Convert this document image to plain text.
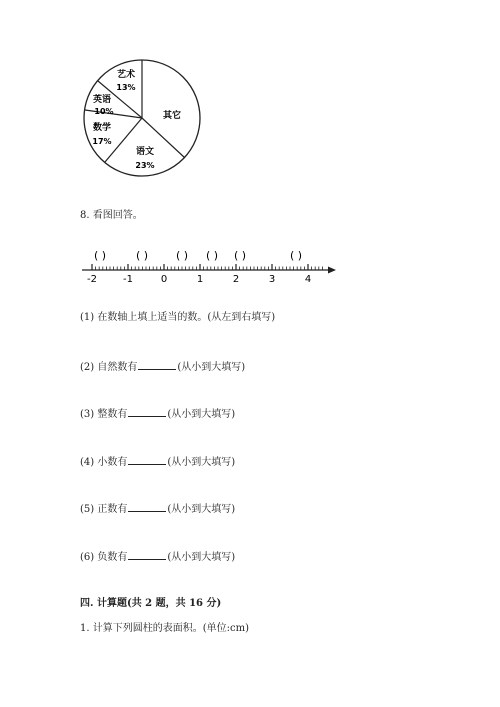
艺术
13%
英语
10%
数学
17%
语文
23%
其它
8. 看图回答。
( )	( )	( ) ( ) ( )	( )
-2	-1	0	1	2	3	4
(1) 在数轴上填上适当的数。(从左到右填写)
(2) 自然数有	(从小到大填写)
(3) 整数有	(从小到大填写)
(4) 小数有	(从小到大填写)
(5) 正数有	(从小到大填写)
(6) 负数有	(从小到大填写)
四. 计算题(共 2 题，共 16 分)
1. 计算下列圆柱的表面积。(单位:cm)
